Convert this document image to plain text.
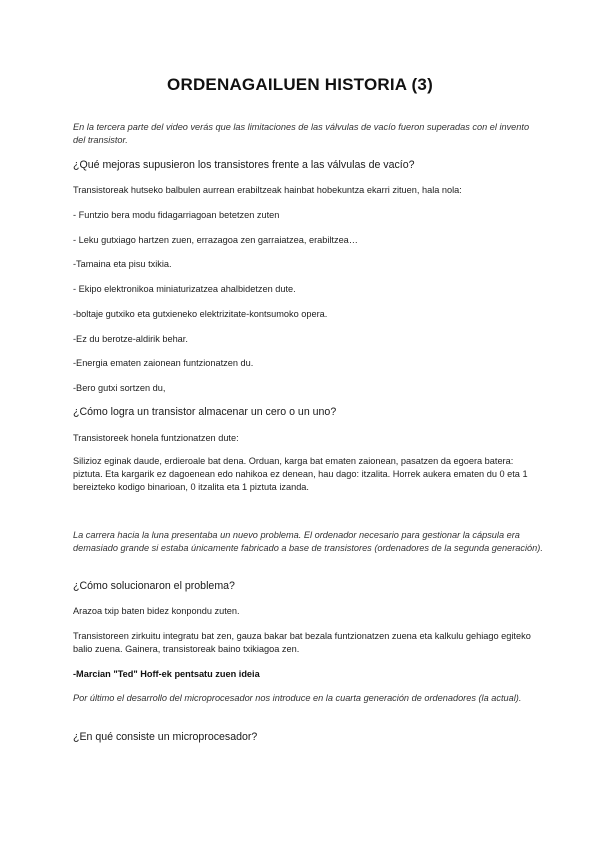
ORDENAGAILUEN HISTORIA (3)
En la tercera parte del video verás que las limitaciones de las válvulas de vacío fueron superadas con el invento del transistor.
¿Qué mejoras supusieron los transistores frente a las válvulas de vacío?
Transistoreak hutseko balbulen aurrean erabiltzeak hainbat hobekuntza ekarri zituen, hala nola:
- Funtzio bera modu fidagarriagoan betetzen zuten
- Leku gutxiago hartzen zuen, errazagoa zen garraiatzea, erabiltzea…
-Tamaina eta pisu txikia.
- Ekipo elektronikoa miniaturizatzea ahalbidetzen dute.
-boltaje gutxiko eta gutxieneko elektrizitate-kontsumoko opera.
-Ez du berotze-aldirik behar.
-Energia ematen zaionean funtzionatzen du.
-Bero gutxi sortzen du,
¿Cómo logra un transistor almacenar un cero o un uno?
Transistoreek honela funtzionatzen dute:
Silizioz eginak daude, erdieroale bat dena. Orduan, karga bat ematen zaionean, pasatzen da egoera batera: piztuta. Eta kargarik ez dagoenean edo nahikoa ez denean, hau dago: itzalita. Horrek aukera ematen du 0 eta 1 bereizteko kodigo binarioan, 0 itzalita eta 1 piztuta izanda.
La carrera hacia la luna presentaba un nuevo problema. El ordenador necesario para gestionar la cápsula era demasiado grande si estaba únicamente fabricado a base de transistores (ordenadores de la segunda generación).
¿Cómo solucionaron el problema?
Arazoa txip baten bidez konpondu zuten.
Transistoreen zirkuitu integratu bat zen, gauza bakar bat bezala funtzionatzen zuena eta kalkulu gehiago egiteko balio zuena. Gainera, transistoreak baino txikiagoa zen.
-Marcian "Ted" Hoff-ek pentsatu zuen ideia
Por último el desarrollo del microprocesador nos introduce en la cuarta generación de ordenadores (la actual).
¿En qué consiste un microprocesador?
